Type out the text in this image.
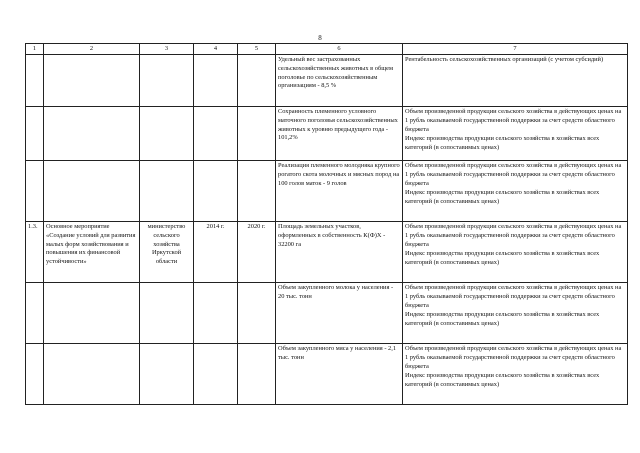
8
1	2	3	4	5	6	7
					Удельный вес застрахованных сельскохозяйственных животных в общем поголовье по сельскохозяйственным организациям - 8,5 %	Рентабельность сельскохозяйственных организаций (с учетом субсидий)

					Сохранность племенного условного маточного поголовья сельскохозяйственных животных к уровню предыдущего года - 101,2%	Объем произведенной продукции сельского хозяйства в действующих ценах на 1 рубль оказываемой государственной поддержки за счет средств областного бюджета
Индекс производства продукции сельского хозяйства в хозяйствах всех категорий (в сопоставимых ценах)

					Реализация племенного молодняка крупного рогатого скота молочных и мясных пород на 100 голов маток - 9 голов	Объем произведенной продукции сельского хозяйства в действующих ценах на 1 рубль оказываемой государственной поддержки за счет средств областного бюджета
Индекс производства продукции сельского хозяйства в хозяйствах всех категорий (в сопоставимых ценах)

1.3.	Основное мероприятие «Создание условий для развития малых форм хозяйствования и повышения их финансовой устойчивости»	министерство сельского хозяйства Иркутской области	2014 г.	2020 г.	Площадь земельных участков, оформленных в собственность К(Ф)Х - 32200 га	Объем произведенной продукции сельского хозяйства в действующих ценах на 1 рубль оказываемой государственной поддержки за счет средств областного бюджета
Индекс производства продукции сельского хозяйства в хозяйствах всех категорий (в сопоставимых ценах)

					Объем закупленного молока у населения - 20 тыс. тонн	Объем произведенной продукции сельского хозяйства в действующих ценах на 1 рубль оказываемой государственной поддержки за счет средств областного бюджета
Индекс производства продукции сельского хозяйства в хозяйствах всех категорий (в сопоставимых ценах)

					Объем закупленного мяса у населения - 2,1 тыс. тонн	Объем произведенной продукции сельского хозяйства в действующих ценах на 1 рубль оказываемой государственной поддержки за счет средств областного бюджета
Индекс производства продукции сельского хозяйства в хозяйствах всех категорий (в сопоставимых ценах)
